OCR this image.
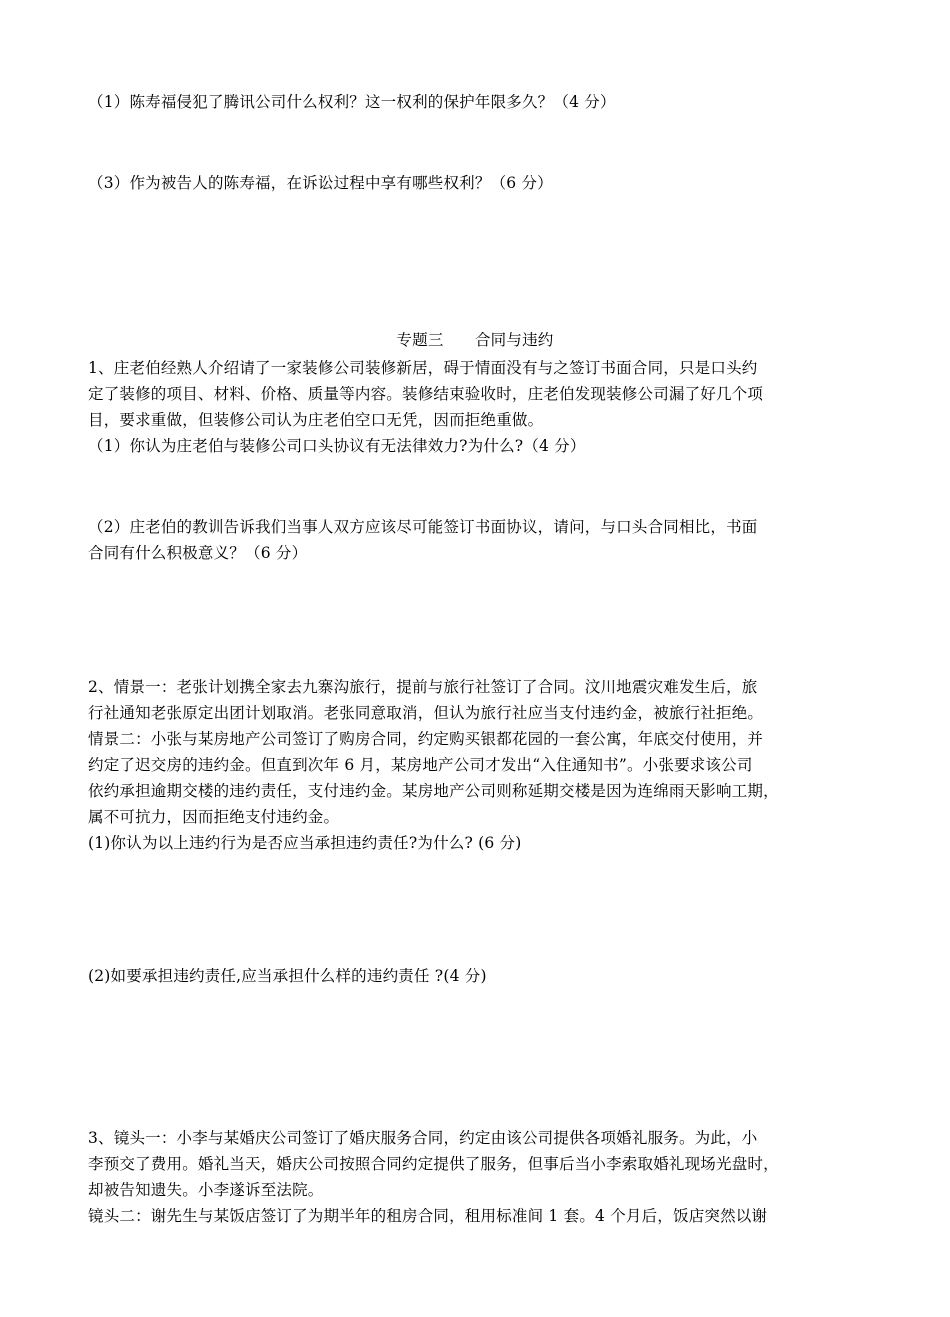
（1）陈寿福侵犯了腾讯公司什么权利？这一权利的保护年限多久？（4 分）
（3）作为被告人的陈寿福，在诉讼过程中享有哪些权利？（6 分）
专题三　　合同与违约
1、庄老伯经熟人介绍请了一家装修公司装修新居，碍于情面没有与之签订书面合同，只是口头约
定了装修的项目、材料、价格、质量等内容。装修结束验收时，庄老伯发现装修公司漏了好几个项
目，要求重做，但装修公司认为庄老伯空口无凭，因而拒绝重做。
（1）你认为庄老伯与装修公司口头协议有无法律效力?为什么?（4 分）
（2）庄老伯的教训告诉我们当事人双方应该尽可能签订书面协议，请问，与口头合同相比，书面
合同有什么积极意义？（6 分）
2、情景一：老张计划携全家去九寨沟旅行，提前与旅行社签订了合同。汶川地震灾难发生后，旅
行社通知老张原定出团计划取消。老张同意取消，但认为旅行社应当支付违约金，被旅行社拒绝。
情景二：小张与某房地产公司签订了购房合同，约定购买银都花园的一套公寓，年底交付使用，并
约定了迟交房的违约金。但直到次年 6 月，某房地产公司才发出“入住通知书”。小张要求该公司
依约承担逾期交楼的违约责任，支付违约金。某房地产公司则称延期交楼是因为连绵雨天影响工期，
属不可抗力，因而拒绝支付违约金。
(1)你认为以上违约行为是否应当承担违约责任?为什么? (6 分)
(2)如要承担违约责任,应当承担什么样的违约责任 ?(4 分)
3、镜头一：小李与某婚庆公司签订了婚庆服务合同，约定由该公司提供各项婚礼服务。为此，小
李预交了费用。婚礼当天，婚庆公司按照合同约定提供了服务，但事后当小李索取婚礼现场光盘时，
却被告知遗失。小李遂诉至法院。
镜头二：谢先生与某饭店签订了为期半年的租房合同，租用标准间 1 套。4 个月后，饭店突然以谢
